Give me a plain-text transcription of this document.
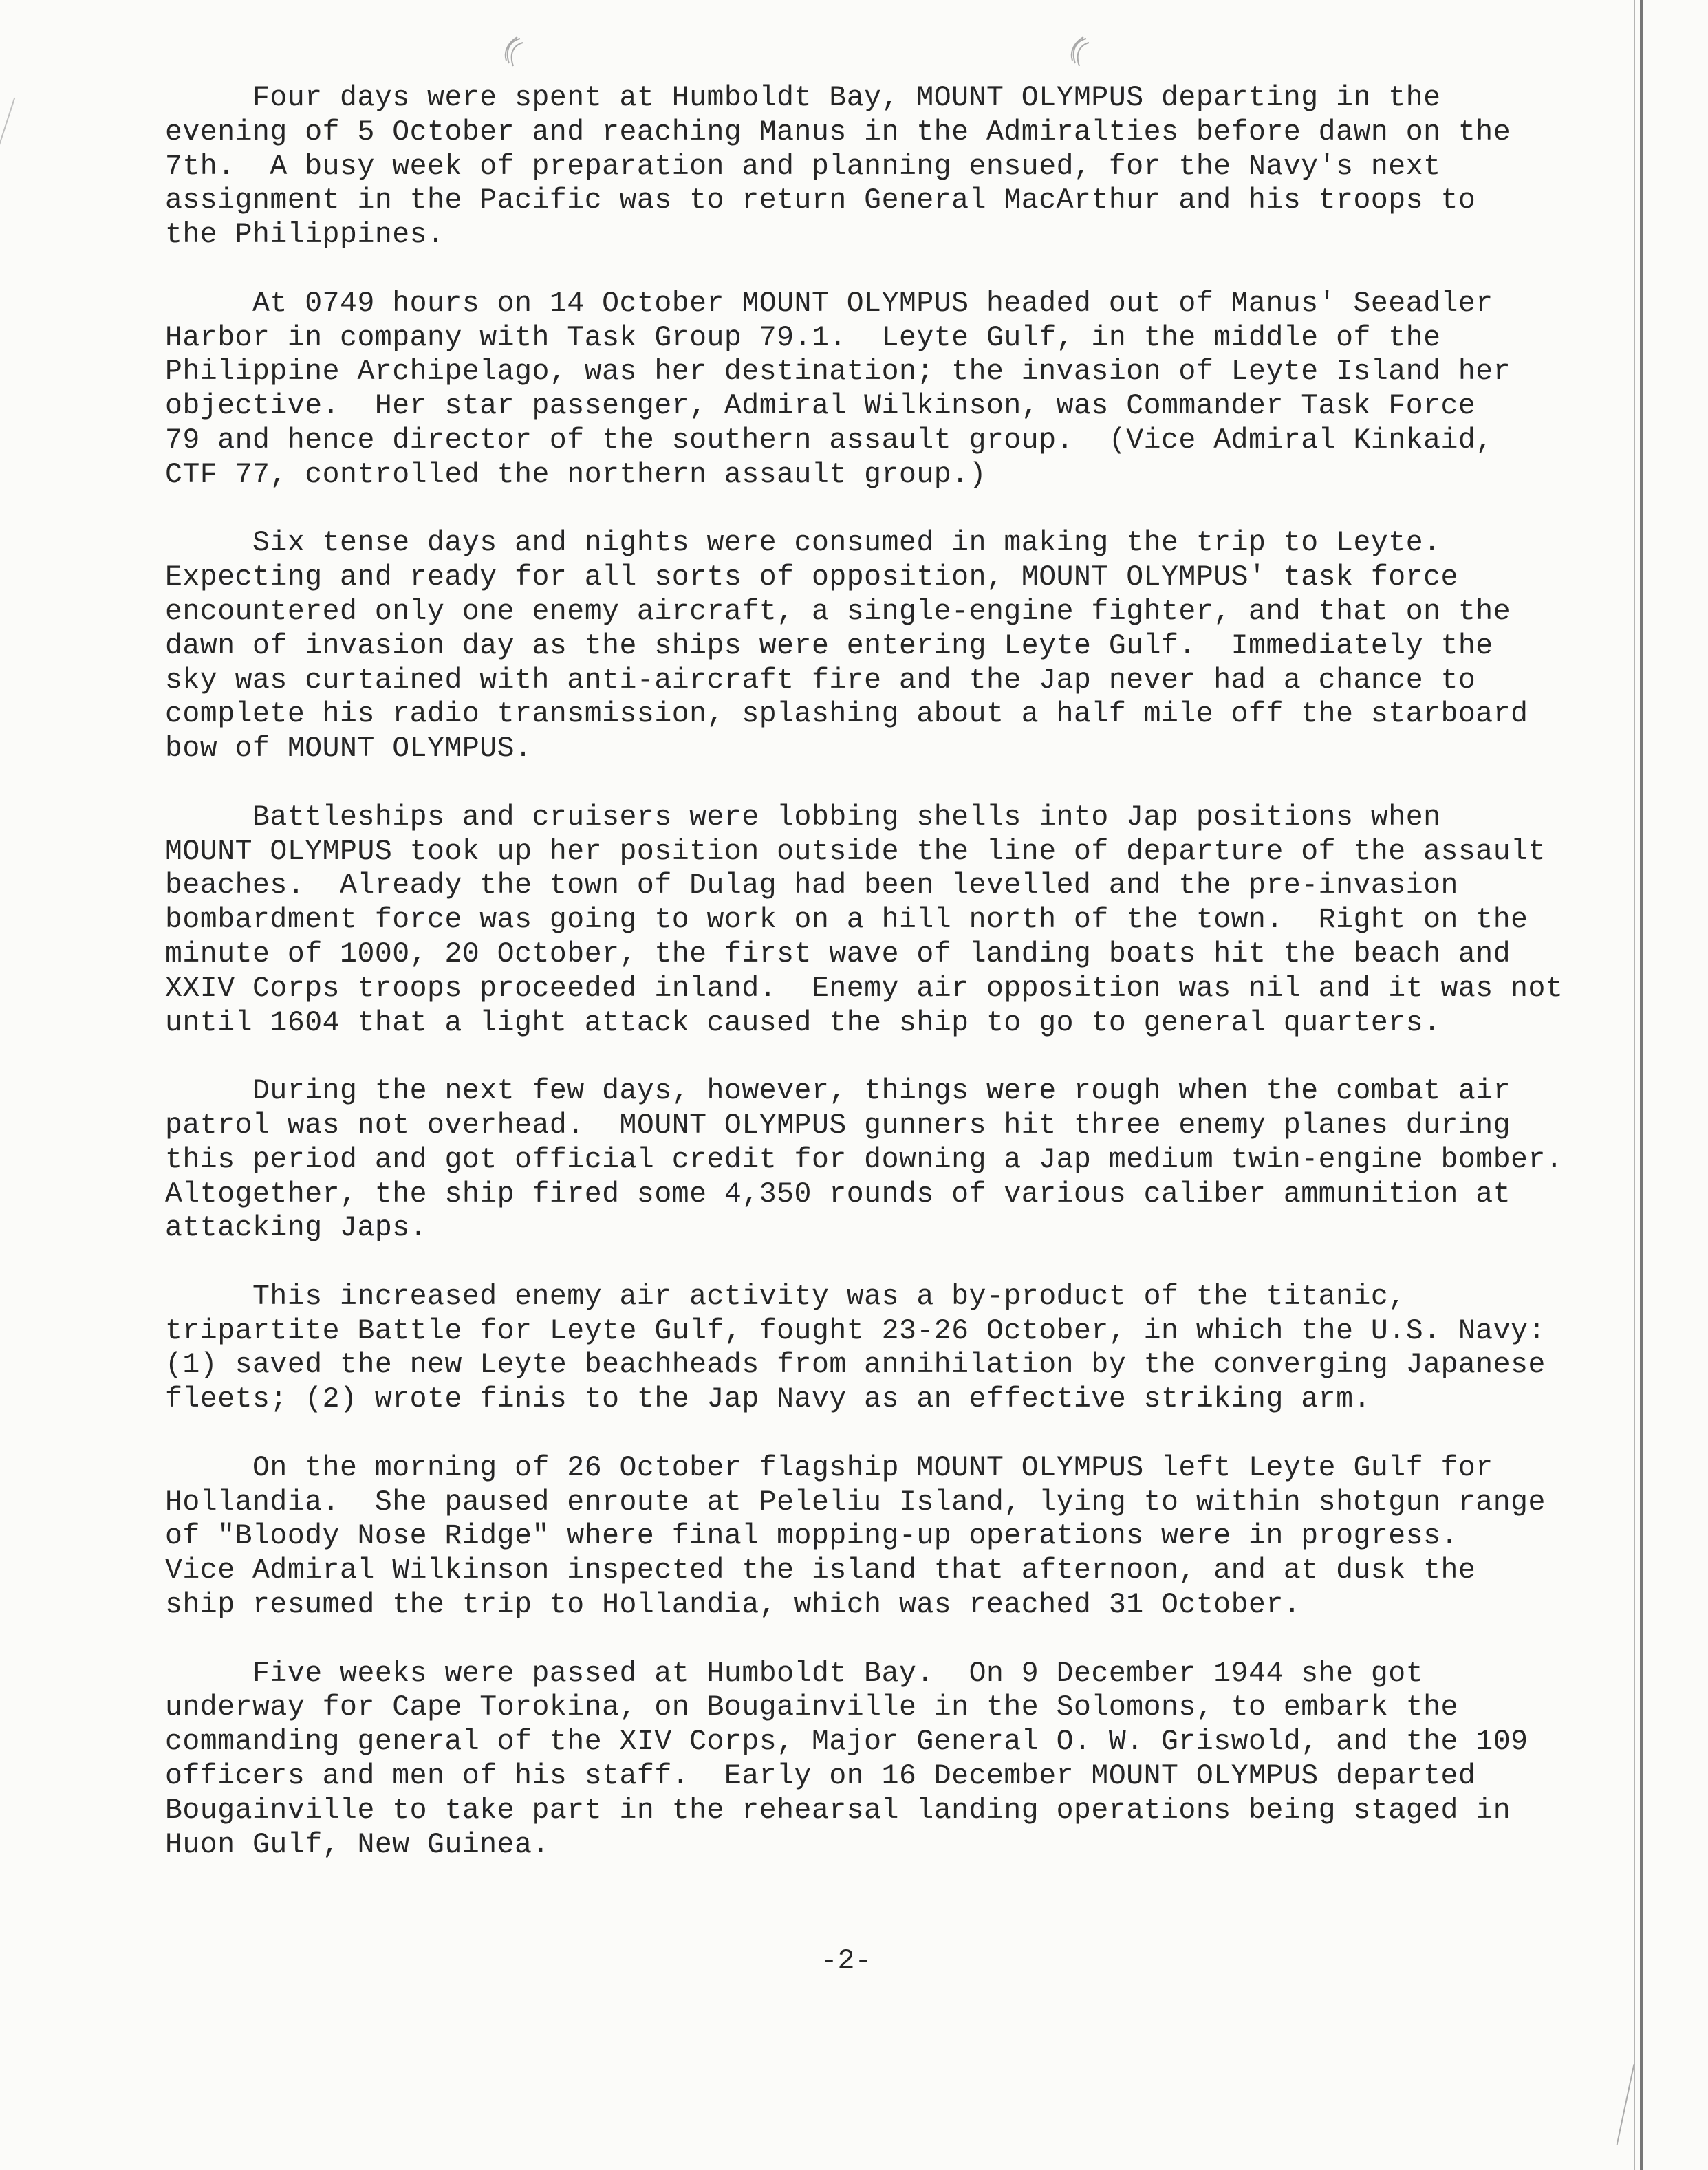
Four days were spent at Humboldt Bay, MOUNT OLYMPUS departing in the
evening of 5 October and reaching Manus in the Admiralties before dawn on the
7th.  A busy week of preparation and planning ensued, for the Navy's next
assignment in the Pacific was to return General MacArthur and his troops to
the Philippines.

At 0749 hours on 14 October MOUNT OLYMPUS headed out of Manus' Seeadler
Harbor in company with Task Group 79.1.  Leyte Gulf, in the middle of the
Philippine Archipelago, was her destination; the invasion of Leyte Island her
objective.  Her star passenger, Admiral Wilkinson, was Commander Task Force
79 and hence director of the southern assault group.  (Vice Admiral Kinkaid,
CTF 77, controlled the northern assault group.)

Six tense days and nights were consumed in making the trip to Leyte.
Expecting and ready for all sorts of opposition, MOUNT OLYMPUS' task force
encountered only one enemy aircraft, a single-engine fighter, and that on the
dawn of invasion day as the ships were entering Leyte Gulf.  Immediately the
sky was curtained with anti-aircraft fire and the Jap never had a chance to
complete his radio transmission, splashing about a half mile off the starboard
bow of MOUNT OLYMPUS.

Battleships and cruisers were lobbing shells into Jap positions when
MOUNT OLYMPUS took up her position outside the line of departure of the assault
beaches.  Already the town of Dulag had been levelled and the pre-invasion
bombardment force was going to work on a hill north of the town.  Right on the
minute of 1000, 20 October, the first wave of landing boats hit the beach and
XXIV Corps troops proceeded inland.  Enemy air opposition was nil and it was not
until 1604 that a light attack caused the ship to go to general quarters.

During the next few days, however, things were rough when the combat air
patrol was not overhead.  MOUNT OLYMPUS gunners hit three enemy planes during
this period and got official credit for downing a Jap medium twin-engine bomber.
Altogether, the ship fired some 4,350 rounds of various caliber ammunition at
attacking Japs.

This increased enemy air activity was a by-product of the titanic,
tripartite Battle for Leyte Gulf, fought 23-26 October, in which the U.S. Navy:
(1) saved the new Leyte beachheads from annihilation by the converging Japanese
fleets; (2) wrote finis to the Jap Navy as an effective striking arm.

On the morning of 26 October flagship MOUNT OLYMPUS left Leyte Gulf for
Hollandia.  She paused enroute at Peleliu Island, lying to within shotgun range
of "Bloody Nose Ridge" where final mopping-up operations were in progress.
Vice Admiral Wilkinson inspected the island that afternoon, and at dusk the
ship resumed the trip to Hollandia, which was reached 31 October.

Five weeks were passed at Humboldt Bay.  On 9 December 1944 she got
underway for Cape Torokina, on Bougainville in the Solomons, to embark the
commanding general of the XIV Corps, Major General O. W. Griswold, and the 109
officers and men of his staff.  Early on 16 December MOUNT OLYMPUS departed
Bougainville to take part in the rehearsal landing operations being staged in
Huon Gulf, New Guinea.

-2-
